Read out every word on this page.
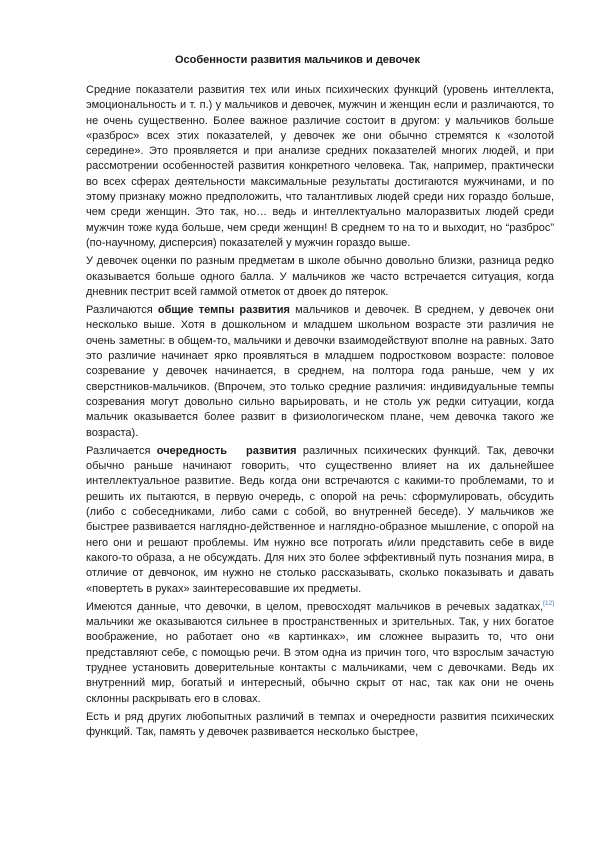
Особенности развития мальчиков и девочек

Средние показатели развития тех или иных психических функций (уровень интеллекта, эмоциональность и т. п.) у мальчиков и девочек, мужчин и женщин если и различаются, то не очень существенно. Более важное различие состоит в другом: у мальчиков больше «разброс» всех этих показателей, у девочек же они обычно стремятся к «золотой середине». Это проявляется и при анализе средних показателей многих людей, и при рассмотрении особенностей развития конкретного человека. Так, например, практически во всех сферах деятельности максимальные результаты достигаются мужчинами, и по этому признаку можно предположить, что талантливых людей среди них гораздо больше, чем среди женщин. Это так, но… ведь и интеллектуально малоразвитых людей среди мужчин тоже куда больше, чем среди женщин! В среднем то на то и выходит, но “разброс” (по-научному, дисперсия) показателей у мужчин гораздо выше.

У девочек оценки по разным предметам в школе обычно довольно близки, разница редко оказывается больше одного балла. У мальчиков же часто встречается ситуация, когда дневник пестрит всей гаммой отметок от двоек до пятерок.

Различаются общие темпы развития мальчиков и девочек. В среднем, у девочек они несколько выше. Хотя в дошкольном и младшем школьном возрасте эти различия не очень заметны: в общем-то, мальчики и девочки взаимодействуют вполне на равных. Зато это различие начинает ярко проявляться в младшем подростковом возрасте: половое созревание у девочек начинается, в среднем, на полтора года раньше, чем у их сверстников-мальчиков. (Впрочем, это только средние различия: индивидуальные темпы созревания могут довольно сильно варьировать, и не столь уж редки ситуации, когда мальчик оказывается более развит в физиологическом плане, чем девочка такого же возраста).

Различается очередность   развития различных психических функций. Так, девочки обычно раньше начинают говорить, что существенно влияет на их дальнейшее интеллектуальное развитие. Ведь когда они встречаются с какими-то проблемами, то и решить их пытаются, в первую очередь, с опорой на речь: сформулировать, обсудить (либо с собеседниками, либо сами с собой, во внутренней беседе). У мальчиков же быстрее развивается наглядно-действенное и наглядно-образное мышление, с опорой на него они и решают проблемы. Им нужно все потрогать и/или представить себе в виде какого-то образа, а не обсуждать. Для них это более эффективный путь познания мира, в отличие от девчонок, им нужно не столько рассказывать, сколько показывать и давать «повертеть в руках» заинтересовавшие их предметы.

Имеются данные, что девочки, в целом, превосходят мальчиков в речевых задатках,[12] мальчики же оказываются сильнее в пространственных и зрительных. Так, у них богатое воображение, но работает оно «в картинках», им сложнее выразить то, что они представляют себе, с помощью речи. В этом одна из причин того, что взрослым зачастую труднее установить доверительные контакты с мальчиками, чем с девочками. Ведь их внутренний мир, богатый и интересный, обычно скрыт от нас, так как они не очень склонны раскрывать его в словах.

Есть и ряд других любопытных различий в темпах и очередности развития психических функций. Так, память у девочек развивается несколько быстрее,
